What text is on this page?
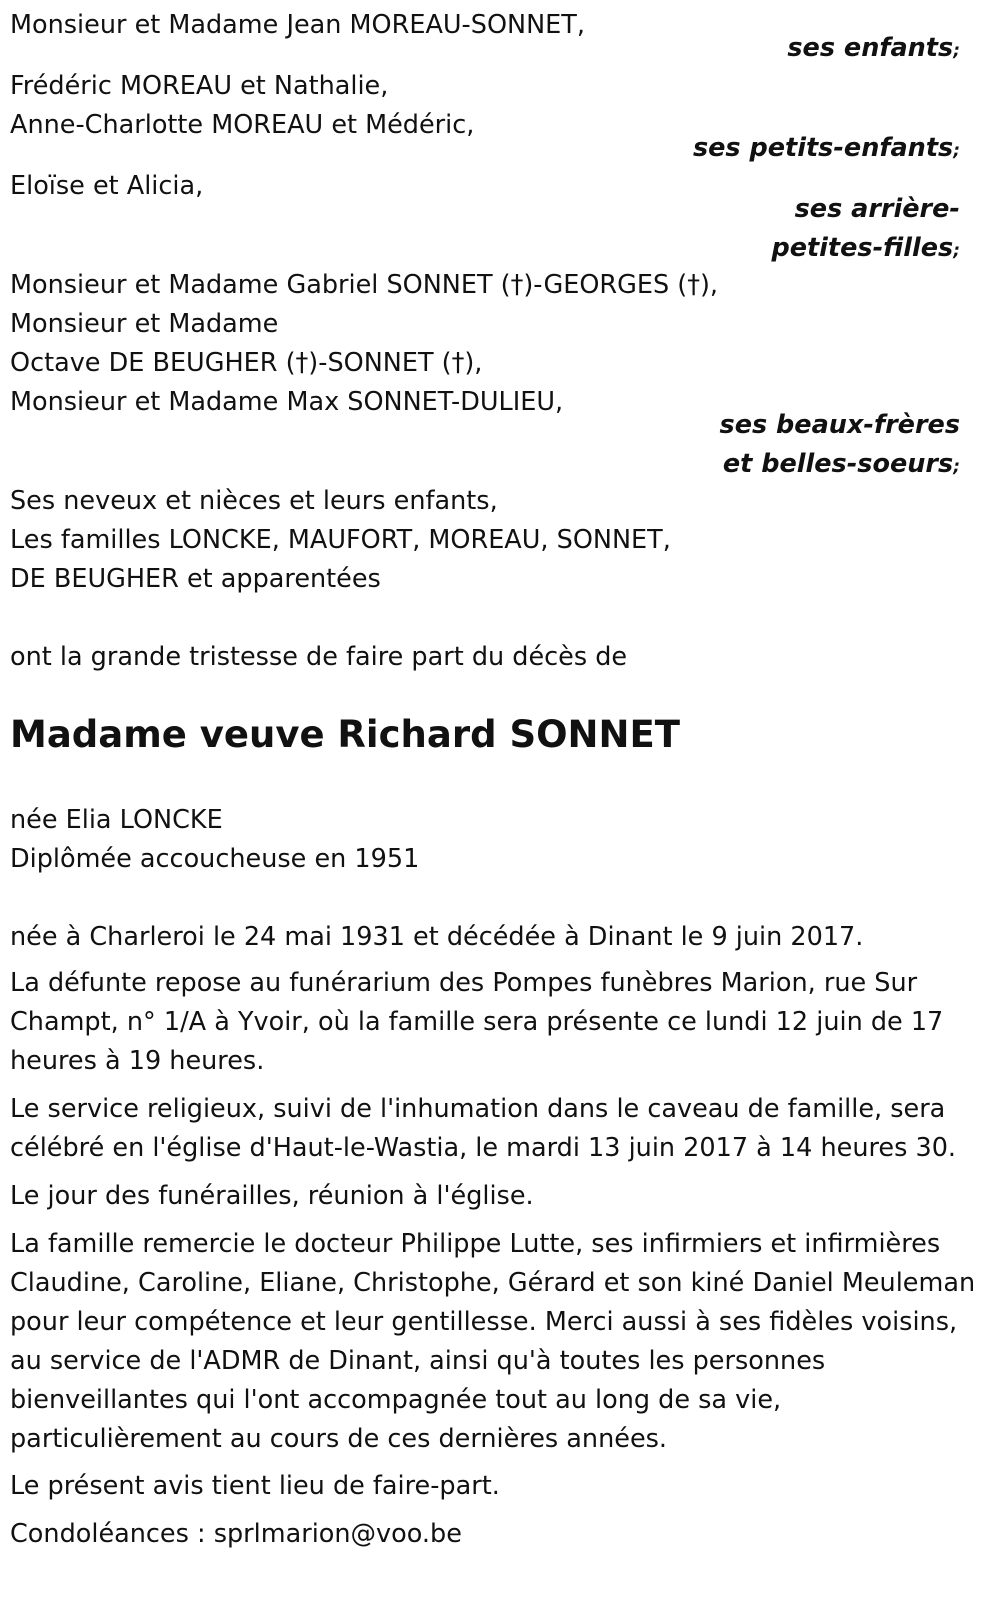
Monsieur et Madame Jean MOREAU-SONNET,
ses enfants;
Frédéric MOREAU et Nathalie,
Anne-Charlotte MOREAU et Médéric,
ses petits-enfants;
Eloïse et Alicia,
ses arrière-
petites-filles;
Monsieur et Madame Gabriel SONNET (†)-GEORGES (†),
Monsieur et Madame
Octave DE BEUGHER (†)-SONNET (†),
Monsieur et Madame Max SONNET-DULIEU,
ses beaux-frères
et belles-soeurs;
Ses neveux et nièces et leurs enfants,
Les familles LONCKE, MAUFORT, MOREAU, SONNET,
DE BEUGHER et apparentées
ont la grande tristesse de faire part du décès de
Madame veuve Richard SONNET
née Elia LONCKE
Diplômée accoucheuse en 1951
née à Charleroi le 24 mai 1931 et décédée à Dinant le 9 juin 2017.
La défunte repose au funérarium des Pompes funèbres Marion, rue Sur Champt, n° 1/A à Yvoir, où la famille sera présente ce lundi 12 juin de 17 heures à 19 heures.
Le service religieux, suivi de l'inhumation dans le caveau de famille, sera célébré en l'église d'Haut-le-Wastia, le mardi 13 juin 2017 à 14 heures 30.
Le jour des funérailles, réunion à l'église.
La famille remercie le docteur Philippe Lutte, ses infirmiers et infirmières Claudine, Caroline, Eliane, Christophe, Gérard et son kiné Daniel Meuleman pour leur compétence et leur gentillesse. Merci aussi à ses fidèles voisins, au service de l'ADMR de Dinant, ainsi qu'à toutes les personnes bienveillantes qui l'ont accompagnée tout au long de sa vie, particulièrement au cours de ces dernières années.
Le présent avis tient lieu de faire-part.
Condoléances : sprlmarion@voo.be
